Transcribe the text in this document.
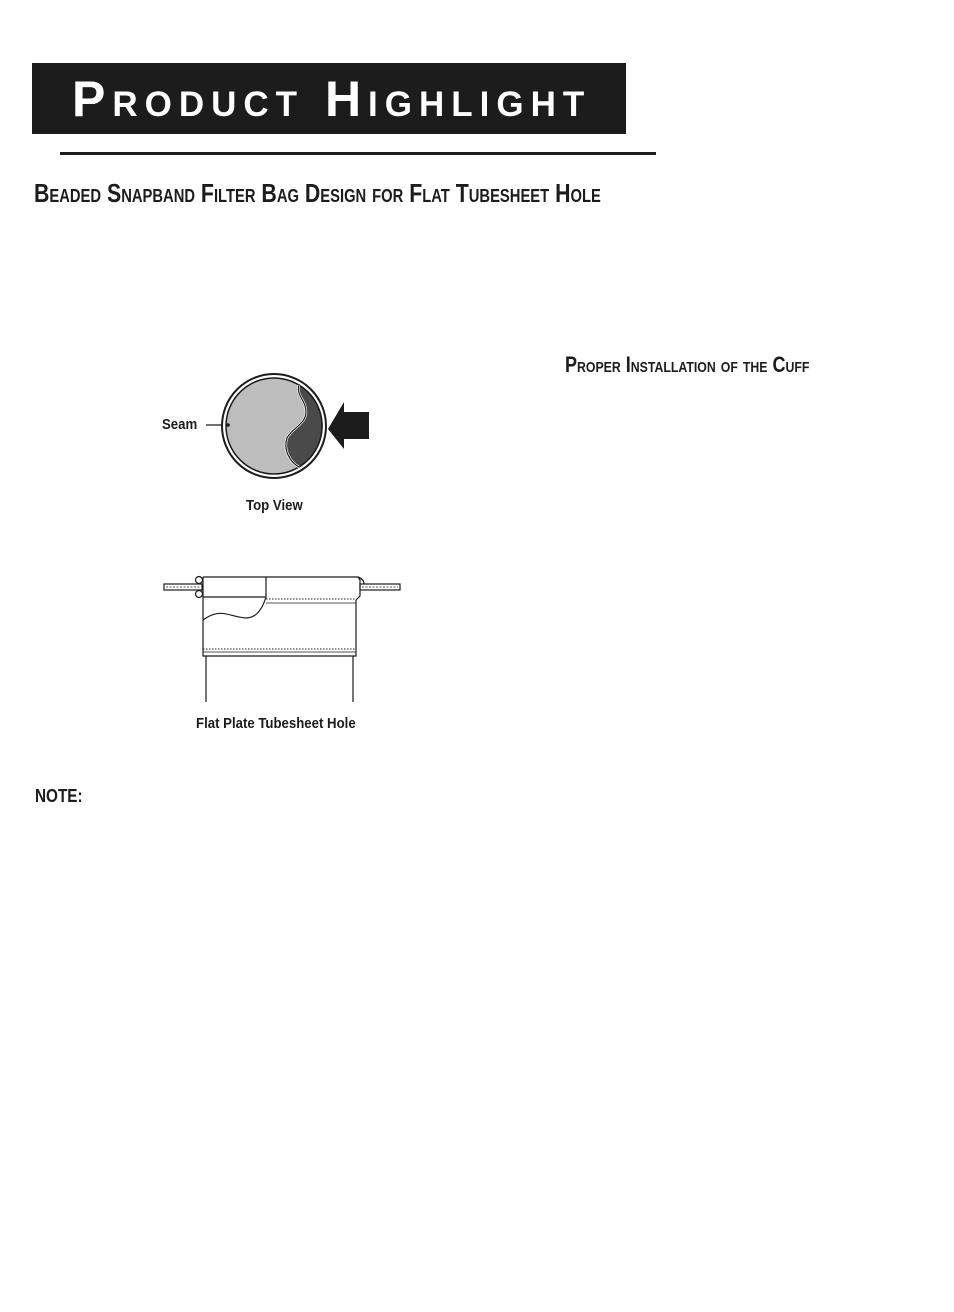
Product Highlight
Beaded Snapband Filter Bag Design for Flat Tubesheet Hole
Proper Installation of the Cuff
Seam
Top View
Flat Plate Tubesheet Hole
NOTE:
